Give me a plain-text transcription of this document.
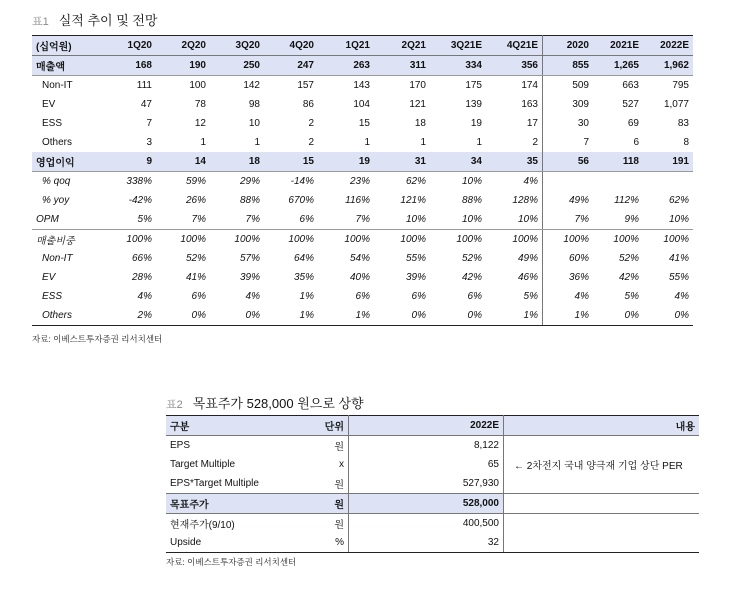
표1 실적 추이 및 전망
(십억원)	1Q20	2Q20	3Q20	4Q20	1Q21	2Q21	3Q21E	4Q21E	2020	2021E	2022E
매출액	168	190	250	247	263	311	334	356	855	1,265	1,962
Non-IT	111	100	142	157	143	170	175	174	509	663	795
EV	47	78	98	86	104	121	139	163	309	527	1,077
ESS	7	12	10	2	15	18	19	17	30	69	83
Others	3	1	1	2	1	1	1	2	7	6	8
영업이익	9	14	18	15	19	31	34	35	56	118	191
% qoq	338%	59%	29%	-14%	23%	62%	10%	4%			
% yoy	-42%	26%	88%	670%	116%	121%	88%	128%	49%	112%	62%
OPM	5%	7%	7%	6%	7%	10%	10%	10%	7%	9%	10%
매출비중	100%	100%	100%	100%	100%	100%	100%	100%	100%	100%	100%
Non-IT	66%	52%	57%	64%	54%	55%	52%	49%	60%	52%	41%
EV	28%	41%	39%	35%	40%	39%	42%	46%	36%	42%	55%
ESS	4%	6%	4%	1%	6%	6%	6%	5%	4%	5%	4%
Others	2%	0%	0%	1%	1%	0%	0%	1%	1%	0%	0%
자료: 이베스트투자증권 리서치센터
표2 목표주가 528,000 원으로 상향
구분	단위	2022E	내용
EPS	원	8,122	
Target Multiple	x	65	← 2차전지 국내 양극재 기업 상단 PER
EPS*Target Multiple	원	527,930	
목표주가	원	528,000	
현재주가(9/10)	원	400,500	
Upside	%	32	
자료: 이베스트투자증권 리서치센터
